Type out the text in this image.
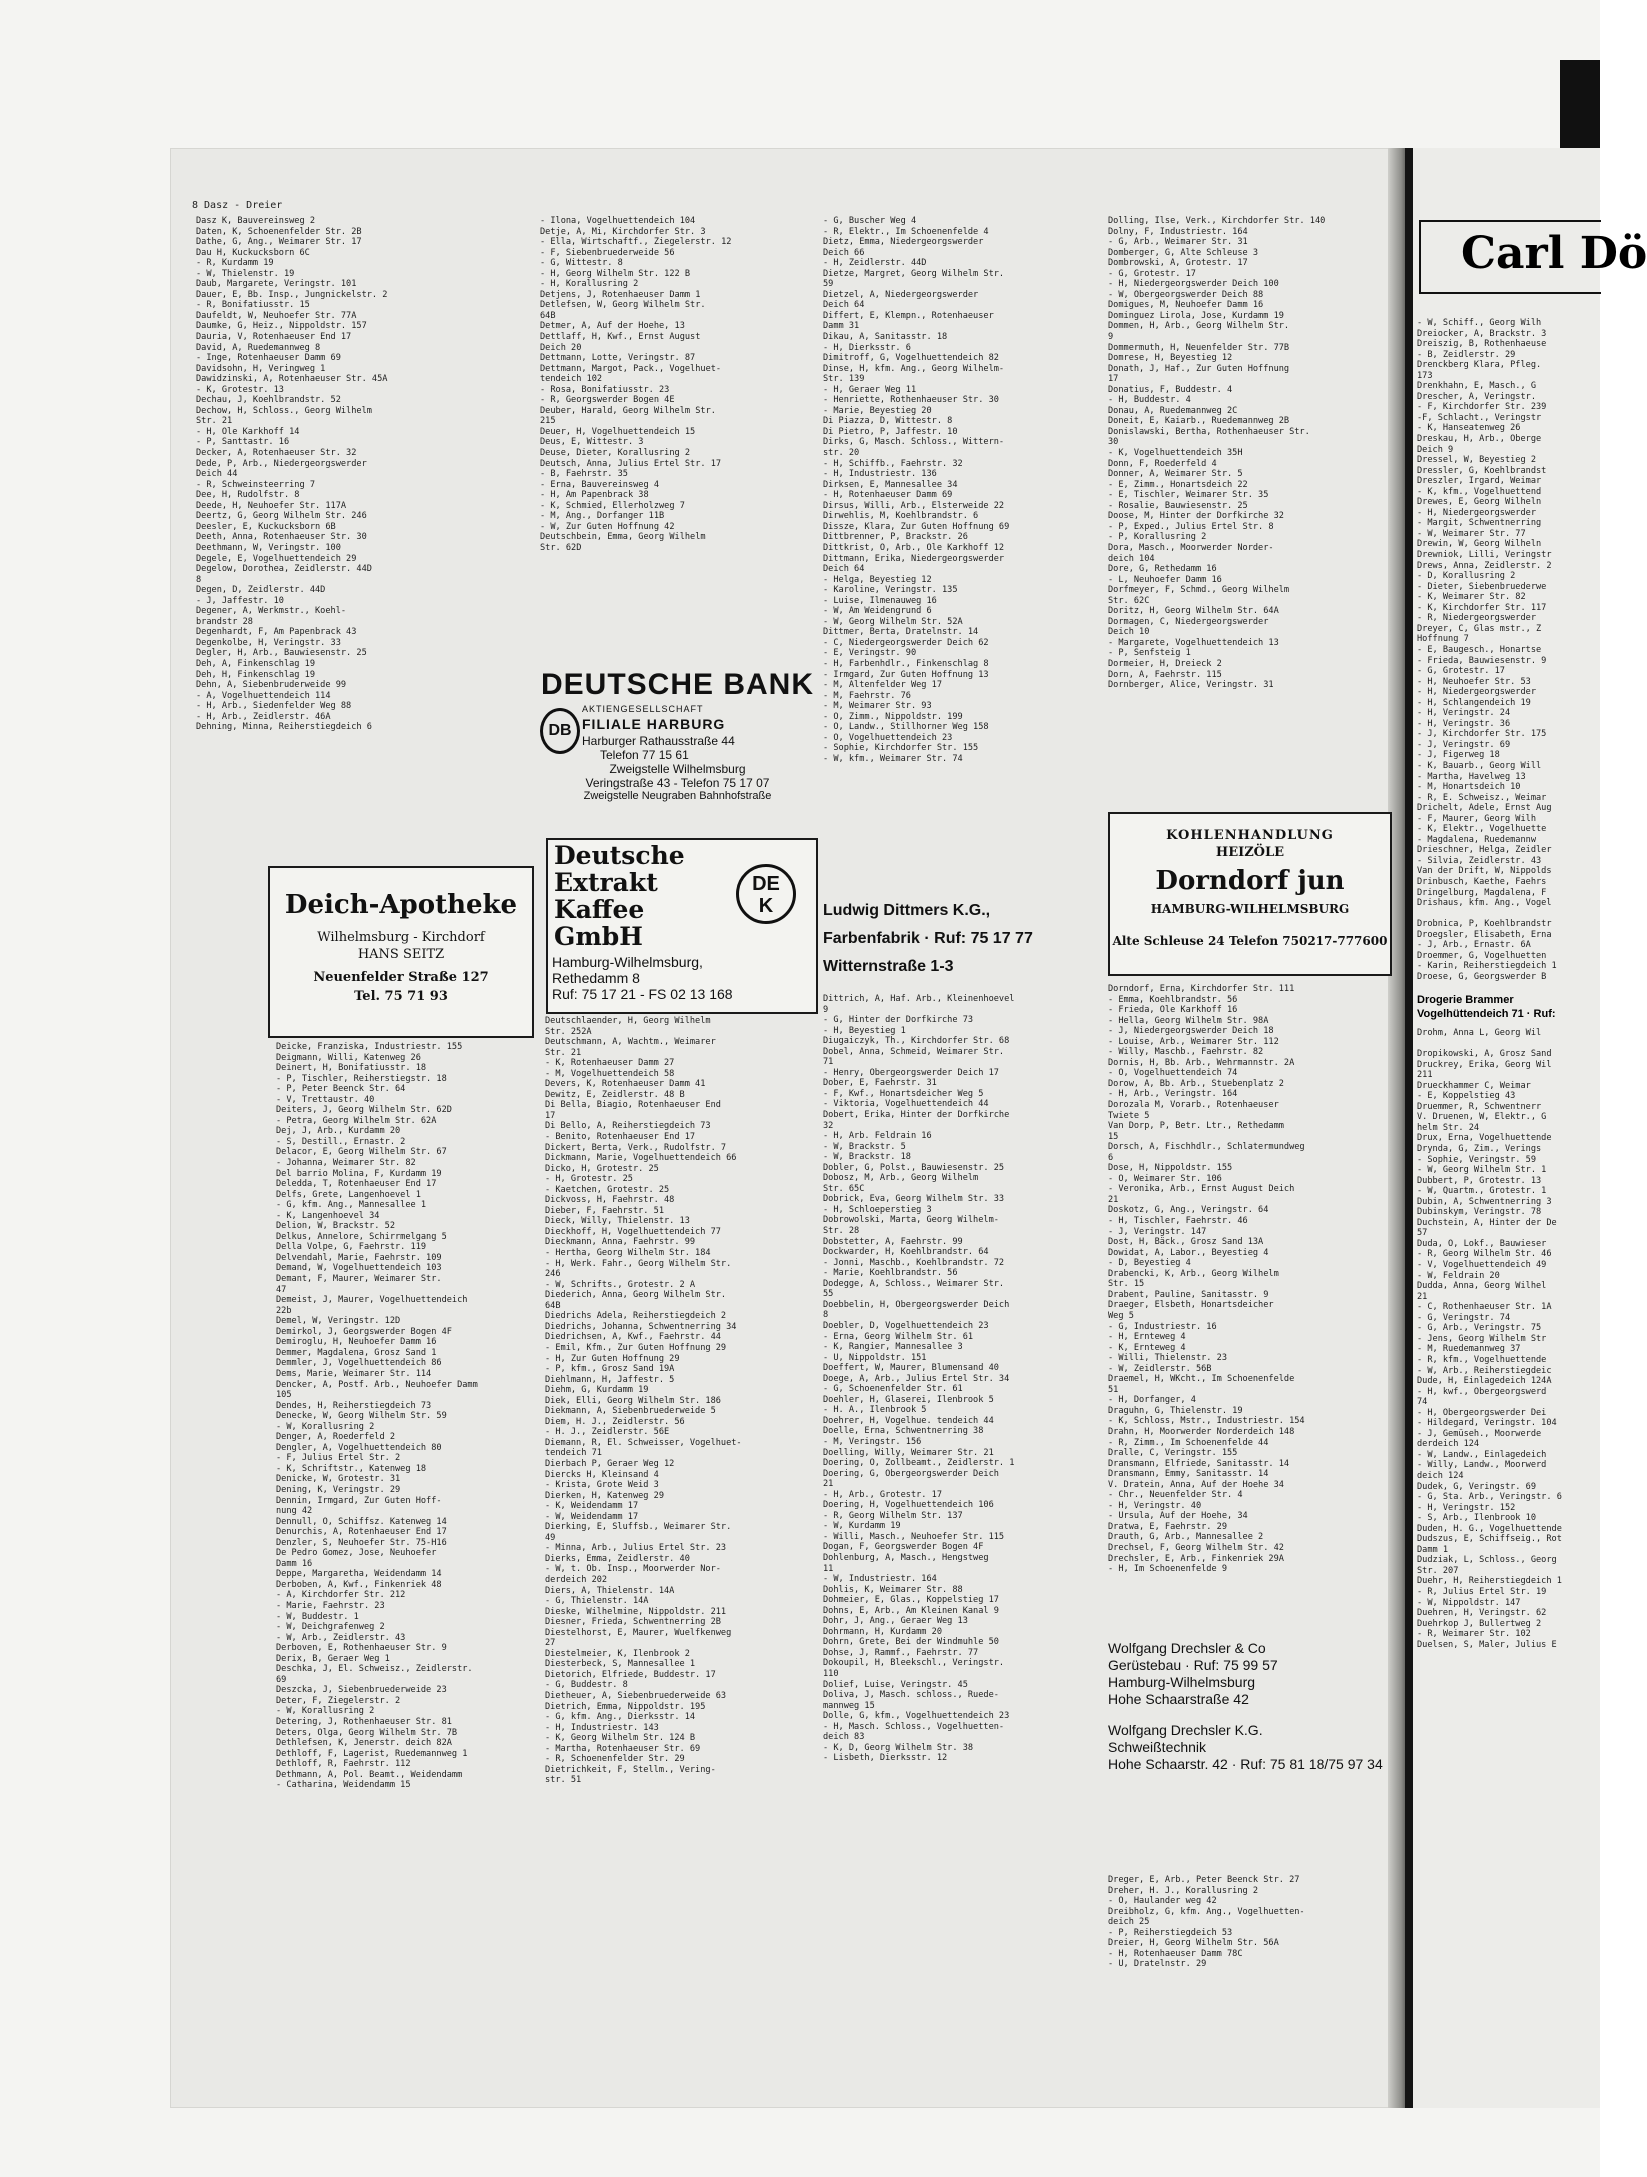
8 Dasz - Dreier
Dasz K, Bauvereinsweg 2
Daten, K, Schoenenfelder Str. 2B
Dathe, G, Ang., Weimarer Str. 17
Dau H, Kuckucksborn 6C
- R, Kurdamm 19
- W, Thielenstr. 19
Daub, Margarete, Veringstr. 101
Dauer, E, Bb. Insp., Jungnickelstr. 2
- R, Bonifatiusstr. 15
Daufeldt, W, Neuhoefer Str. 77A
Daumke, G, Heiz., Nippoldstr. 157
Dauria, V, Rotenhaeuser End 17
David, A, Ruedemannweg 8
- Inge, Rotenhaeuser Damm 69
Davidsohn, H, Veringweg 1
Dawidzinski, A, Rotenhaeuser Str. 45A
- K, Grotestr. 13
Dechau, J, Koehlbrandstr. 52
Dechow, H, Schloss., Georg Wilhelm
Str. 21
- H, Ole Karkhoff 14
- P, Santtastr. 16
Decker, A, Rotenhaeuser Str. 32
Dede, P, Arb., Niedergeorgswerder
Deich 44
- R, Schweinsteerring 7
Dee, H, Rudolfstr. 8
Deede, H, Neuhoefer Str. 117A
Deertz, G, Georg Wilhelm Str. 246
Deesler, E, Kuckucksborn 6B
Deeth, Anna, Rotenhaeuser Str. 30
Deethmann, W, Veringstr. 100
Degele, E, Vogelhuettendeich 29
Degelow, Dorothea, Zeidlerstr. 44D
8
Degen, D, Zeidlerstr. 44D
- J, Jaffestr. 10
Degener, A, Werkmstr., Koehl-
brandstr 28
Degenhardt, F, Am Papenbrack 43
Degenkolbe, H, Veringstr. 33
Degler, H, Arb., Bauwiesenstr. 25
Deh, A, Finkenschlag 19
Deh, H, Finkenschlag 19
Dehn, A, Siebenbruderweide 99
- A, Vogelhuettendeich 114
- H, Arb., Siedenfelder Weg 88
- H, Arb., Zeidlerstr. 46A
Dehning, Minna, Reiherstiegdeich 6
- Ilona, Vogelhuettendeich 104
Detje, A, Mi, Kirchdorfer Str. 3
- Ella, Wirtschaftf., Ziegelerstr. 12
- F, Siebenbruederweide 56
- G, Wittestr. 8
- H, Georg Wilhelm Str. 122 B
- H, Korallusring 2
Detjens, J, Rotenhaeuser Damm 1
Detlefsen, W, Georg Wilhelm Str.
64B
Detmer, A, Auf der Hoehe, 13
Dettlaff, H, Kwf., Ernst August
Deich 20
Dettmann, Lotte, Veringstr. 87
Dettmann, Margot, Pack., Vogelhuet-
tendeich 102
- Rosa, Bonifatiusstr. 23
- R, Georgswerder Bogen 4E
Deuber, Harald, Georg Wilhelm Str.
215
Deuer, H, Vogelhuettendeich 15
Deus, E, Wittestr. 3
Deuse, Dieter, Korallusring 2
Deutsch, Anna, Julius Ertel Str. 17
- B, Faehrstr. 35
- Erna, Bauvereinsweg 4
- H, Am Papenbrack 38
- K, Schmied, Ellerholzweg 7
- M, Ang., Dorfanger 11B
- W, Zur Guten Hoffnung 42
Deutschbein, Emma, Georg Wilhelm
Str. 62D
- G, Buscher Weg 4
- R, Elektr., Im Schoenenfelde 4
Dietz, Emma, Niedergeorgswerder
Deich 66
- H, Zeidlerstr. 44D
Dietze, Margret, Georg Wilhelm Str.
59
Dietzel, A, Niedergeorgswerder
Deich 64
Differt, E, Klempn., Rotenhaeuser
Damm 31
Dikau, A, Sanitasstr. 18
- H, Dierksstr. 6
Dimitroff, G, Vogelhuettendeich 82
Dinse, H, kfm. Ang., Georg Wilhelm-
Str. 139
- H, Geraer Weg 11
- Henriette, Rothenhaeuser Str. 30
- Marie, Beyestieg 20
Di Piazza, D, Wittestr. 8
Di Pietro, P, Jaffestr. 10
Dirks, G, Masch. Schloss., Wittern-
str. 20
- H, Schiffb., Faehrstr. 32
- H, Industriestr. 136
Dirksen, E, Mannesallee 34
- H, Rotenhaeuser Damm 69
Dirsus, Willi, Arb., Elsterweide 22
Dirwehlis, M, Koehlbrandstr. 6
Dissze, Klara, Zur Guten Hoffnung 69
Dittbrenner, P, Brackstr. 26
Dittkrist, O, Arb., Ole Karkhoff 12
Dittmann, Erika, Niedergeorgswerder
Deich 64
- Helga, Beyestieg 12
- Karoline, Veringstr. 135
- Luise, Ilmenauweg 16
- W, Am Weidengrund 6
- W, Georg Wilhelm Str. 52A
Dittmer, Berta, Dratelnstr. 14
- C, Niedergeorgswerder Deich 62
- E, Veringstr. 90
- H, Farbenhdlr., Finkenschlag 8
- Irmgard, Zur Guten Hoffnung 13
- M, Altenfelder Weg 17
- M, Faehrstr. 76
- M, Weimarer Str. 93
- O, Zimm., Nippoldstr. 199
- O, Landw., Stillhorner Weg 158
- O, Vogelhuettendeich 23
- Sophie, Kirchdorfer Str. 155
- W, kfm., Weimarer Str. 74
Dolling, Ilse, Verk., Kirchdorfer Str. 140
Dolny, F, Industriestr. 164
- G, Arb., Weimarer Str. 31
Domberger, G, Alte Schleuse 3
Dombrowski, A, Grotestr. 17
- G, Grotestr. 17
- H, Niedergeorgswerder Deich 100
- W, Obergeorgswerder Deich 88
Domigues, M, Neuhoefer Damm 16
Dominguez Lirola, Jose, Kurdamm 19
Dommen, H, Arb., Georg Wilhelm Str.
9
Dommermuth, H, Neuenfelder Str. 77B
Domrese, H, Beyestieg 12
Donath, J, Haf., Zur Guten Hoffnung
17
Donatius, F, Buddestr. 4
- H, Buddestr. 4
Donau, A, Ruedemannweg 2C
Doneit, E, Kaiarb., Ruedemannweg 2B
Donislawski, Bertha, Rothenhaeuser Str.
30
- K, Vogelhuettendeich 35H
Donn, F, Roederfeld 4
Donner, A, Weimarer Str. 5
- E, Zimm., Honartsdeich 22
- E, Tischler, Weimarer Str. 35
- Rosalie, Bauwiesenstr. 25
Doose, M, Hinter der Dorfkirche 32
- P, Exped., Julius Ertel Str. 8
- P, Korallusring 2
Dora, Masch., Moorwerder Norder-
deich 104
Dore, G, Rethedamm 16
- L, Neuhoefer Damm 16
Dorfmeyer, F, Schmd., Georg Wilhelm
Str. 62C
Doritz, H, Georg Wilhelm Str. 64A
Dormagen, C, Niedergeorgswerder
Deich 10
- Margarete, Vogelhuettendeich 13
- P, Senfsteig 1
Dormeier, H, Dreieck 2
Dorn, A, Faehrstr. 115
Dornberger, Alice, Veringstr. 31
Deicke, Franziska, Industriestr. 155
Deigmann, Willi, Katenweg 26
Deinert, H, Bonifatiusstr. 18
- P, Tischler, Reiherstiegstr. 18
- P, Peter Beenck Str. 64
- V, Trettaustr. 40
Deiters, J, Georg Wilhelm Str. 62D
- Petra, Georg Wilhelm Str. 62A
Dej, J, Arb., Kurdamm 20
- S, Destill., Ernastr. 2
Delacor, E, Georg Wilhelm Str. 67
- Johanna, Weimarer Str. 82
Del barrio Molina, F, Kurdamm 19
Deledda, T, Rotenhaeuser End 17
Delfs, Grete, Langenhoevel 1
- G, kfm. Ang., Mannesallee 1
- K, Langenhoevel 34
Delion, W, Brackstr. 52
Delkus, Annelore, Schirrmelgang 5
Della Volpe, G, Faehrstr. 119
Delvendahl, Marie, Faehrstr. 109
Demand, W, Vogelhuettendeich 103
Demant, F, Maurer, Weimarer Str.
47
Demeist, J, Maurer, Vogelhuettendeich
22b
Demel, W, Veringstr. 12D
Demirkol, J, Georgswerder Bogen 4F
Demiroglu, H, Neuhoefer Damm 16
Demmer, Magdalena, Grosz Sand 1
Demmler, J, Vogelhuettendeich 86
Dems, Marie, Weimarer Str. 114
Dencker, A, Postf. Arb., Neuhoefer Damm
105
Dendes, H, Reiherstiegdeich 73
Denecke, W, Georg Wilhelm Str. 59
- W, Korallusring 2
Denger, A, Roederfeld 2
Dengler, A, Vogelhuettendeich 80
- F, Julius Ertel Str. 2
- K, Schriftstr., Katenweg 18
Denicke, W, Grotestr. 31
Dening, K, Veringstr. 29
Dennin, Irmgard, Zur Guten Hoff-
nung 42
Dennull, O, Schiffsz. Katenweg 14
Denurchis, A, Rotenhaeuser End 17
Denzler, S, Neuhoefer Str. 75-H16
De Pedro Gomez, Jose, Neuhoefer
Damm 16
Deppe, Margaretha, Weidendamm 14
Derboben, A, Kwf., Finkenriek 48
- A, Kirchdorfer Str. 212
- Marie, Faehrstr. 23
- W, Buddestr. 1
- W, Deichgrafenweg 2
- W, Arb., Zeidlerstr. 43
Derboven, E, Rothenhaeuser Str. 9
Derix, B, Geraer Weg 1
Deschka, J, El. Schweisz., Zeidlerstr.
69
Deszcka, J, Siebenbruederweide 23
Deter, F, Ziegelerstr. 2
- W, Korallusring 2
Detering, J, Rothenhaeuser Str. 81
Deters, Olga, Georg Wilhelm Str. 7B
Dethlefsen, K, Jenerstr. deich 82A
Dethloff, F, Lagerist, Ruedemannweg 1
Dethloff, R, Faehrstr. 112
Dethmann, A, Pol. Beamt., Weidendamm
- Catharina, Weidendamm 15
Deutschlaender, H, Georg Wilhelm
Str. 252A
Deutschmann, A, Wachtm., Weimarer
Str. 21
- K, Rotenhaeuser Damm 27
- M, Vogelhuettendeich 58
Devers, K, Rotenhaeuser Damm 41
Dewitz, E, Zeidlerstr. 48 B
Di Bella, Biagio, Rotenhaeuser End
17
Di Bello, A, Reiherstiegdeich 73
- Benito, Rotenhaeuser End 17
Dickert, Berta, Verk., Rudolfstr. 7
Dickmann, Marie, Vogelhuettendeich 66
Dicko, H, Grotestr. 25
- H, Grotestr. 25
- Kaetchen, Grotestr. 25
Dickvoss, H, Faehrstr. 48
Dieber, F, Faehrstr. 51
Dieck, Willy, Thielenstr. 13
Dieckhoff, H, Vogelhuettendeich 77
Dieckmann, Anna, Faehrstr. 99
- Hertha, Georg Wilhelm Str. 184
- H, Werk. Fahr., Georg Wilhelm Str.
246
- W, Schrifts., Grotestr. 2 A
Diederich, Anna, Georg Wilhelm Str.
64B
Diedrichs Adela, Reiherstiegdeich 2
Diedrichs, Johanna, Schwentnerring 34
Diedrichsen, A, Kwf., Faehrstr. 44
- Emil, Kfm., Zur Guten Hoffnung 29
- H, Zur Guten Hoffnung 29
- P, kfm., Grosz Sand 19A
Diehlmann, H, Jaffestr. 5
Diehm, G, Kurdamm 19
Diek, Elli, Georg Wilhelm Str. 186
Diekmann, A, Siebenbruederweide 5
Diem, H. J., Zeidlerstr. 56
- H. J., Zeidlerstr. 56E
Diemann, R, El. Schweisser, Vogelhuet-
tendeich 71
Dierbach P, Geraer Weg 12
Diercks H, Kleinsand 4
- Krista, Grote Weid 3
Dierken, H, Katenweg 29
- K, Weidendamm 17
- W, Weidendamm 17
Dierking, E, Sluffsb., Weimarer Str.
49
- Minna, Arb., Julius Ertel Str. 23
Dierks, Emma, Zeidlerstr. 40
- W, t. Ob. Insp., Moorwerder Nor-
derdeich 202
Diers, A, Thielenstr. 14A
- G, Thielenstr. 14A
Dieske, Wilhelmine, Nippoldstr. 211
Diesner, Frieda, Schwentnerring 2B
Diestelhorst, E, Maurer, Wuelfkenweg
27
Diestelmeier, K, Ilenbrook 2
Diesterbeck, S, Mannesallee 1
Dietorich, Elfriede, Buddestr. 17
- G, Buddestr. 8
Dietheuer, A, Siebenbruederweide 63
Dietrich, Emma, Nippoldstr. 195
- G, kfm. Ang., Dierksstr. 14
- H, Industriestr. 143
- K, Georg Wilhelm Str. 124 B
- Martha, Rotenhaeuser Str. 69
- R, Schoenenfelder Str. 29
Dietrichkeit, F, Stellm., Vering-
str. 51
Dittrich, A, Haf. Arb., Kleinenhoevel
9
- G, Hinter der Dorfkirche 73
- H, Beyestieg 1
Diugaiczyk, Th., Kirchdorfer Str. 68
Dobel, Anna, Schmeid, Weimarer Str.
71
- Henry, Obergeorgswerder Deich 17
Dober, E, Faehrstr. 31
- F, Kwf., Honartsdeicher Weg 5
- Viktoria, Vogelhuettendeich 44
Dobert, Erika, Hinter der Dorfkirche
32
- H, Arb. Feldrain 16
- W, Brackstr. 5
- W, Brackstr. 18
Dobler, G, Polst., Bauwiesenstr. 25
Dobosz, M, Arb., Georg Wilhelm
Str. 65C
Dobrick, Eva, Georg Wilhelm Str. 33
- H, Schloeperstieg 3
Dobrowolski, Marta, Georg Wilhelm-
Str. 28
Dobstetter, A, Faehrstr. 99
Dockwarder, H, Koehlbrandstr. 64
- Jonni, Maschb., Koehlbrandstr. 72
- Marie, Koehlbrandstr. 56
Dodegge, A, Schloss., Weimarer Str.
55
Doebbelin, H, Obergeorgswerder Deich
8
Doebler, D, Vogelhuettendeich 23
- Erna, Georg Wilhelm Str. 61
- K, Rangier, Mannesallee 3
- U, Nippoldstr. 151
Doeffert, W, Maurer, Blumensand 40
Doege, A, Arb., Julius Ertel Str. 34
- G, Schoenenfelder Str. 61
Doehler, H, Glaserei, Ilenbrook 5
- H. A., Ilenbrook 5
Doehrer, H, Vogelhue. tendeich 44
Doelle, Erna, Schwentnerring 38
- M, Veringstr. 156
Doelling, Willy, Weimarer Str. 21
Doering, O, Zollbeamt., Zeidlerstr. 1
Doering, G, Obergeorgswerder Deich
21
- H, Arb., Grotestr. 17
Doering, H, Vogelhuettendeich 106
- R, Georg Wilhelm Str. 137
- W, Kurdamm 19
- Willi, Masch., Neuhoefer Str. 115
Dogan, F, Georgswerder Bogen 4F
Dohlenburg, A, Masch., Hengstweg
11
- W, Industriestr. 164
Dohlis, K, Weimarer Str. 88
Dohmeier, E, Glas., Koppelstieg 17
Dohns, E, Arb., Am Kleinen Kanal 9
Dohr, J, Ang., Geraer Weg 13
Dohrmann, H, Kurdamm 20
Dohrn, Grete, Bei der Windmuhle 50
Dohse, J, Rammf., Faehrstr. 77
Dokoupil, H, Bleekschl., Veringstr.
110
Dolief, Luise, Veringstr. 45
Doliva, J, Masch. schloss., Ruede-
mannweg 15
Dolle, G, kfm., Vogelhuettendeich 23
- H, Masch. Schloss., Vogelhuetten-
deich 83
- K, D, Georg Wilhelm Str. 38
- Lisbeth, Dierksstr. 12
Dorndorf, Erna, Kirchdorfer Str. 111
- Emma, Koehlbrandstr. 56
- Frieda, Ole Karkhoff 16
- Hella, Georg Wilhelm Str. 98A
- J, Niedergeorgswerder Deich 18
- Louise, Arb., Weimarer Str. 112
- Willy, Maschb., Faehrstr. 82
Dornis, H, Bb. Arb., Wehrmannstr. 2A
- O, Vogelhuettendeich 74
Dorow, A, Bb. Arb., Stuebenplatz 2
- H, Arb., Veringstr. 164
Dorozala M, Vorarb., Rotenhaeuser
Twiete 5
Van Dorp, P, Betr. Ltr., Rethedamm
15
Dorsch, A, Fischhdlr., Schlatermundweg
6
Dose, H, Nippoldstr. 155
- O, Weimarer Str. 106
- Veronika, Arb., Ernst August Deich
21
Doskotz, G, Ang., Veringstr. 64
- H, Tischler, Faehrstr. 46
- J, Veringstr. 147
Dost, H, Bäck., Grosz Sand 13A
Dowidat, A, Labor., Beyestieg 4
- D, Beyestieg 4
Drabencki, K, Arb., Georg Wilhelm
Str. 15
Drabent, Pauline, Sanitasstr. 9
Draeger, Elsbeth, Honartsdeicher
Weg 5
- G, Industriestr. 16
- H, Ernteweg 4
- K, Ernteweg 4
- Willi, Thielenstr. 23
- W, Zeidlerstr. 56B
Draemel, H, WKcht., Im Schoenenfelde
51
- H, Dorfanger, 4
Draguhn, G, Thielenstr. 19
- K, Schloss, Mstr., Industriestr. 154
Drahn, H, Moorwerder Norderdeich 148
- R, Zimm., Im Schoenenfelde 44
Dralle, C, Veringstr. 155
Dransmann, Elfriede, Sanitasstr. 14
Dransmann, Emmy, Sanitasstr. 14
V. Dratein, Anna, Auf der Hoehe 34
- Chr., Neuenfelder Str. 4
- H, Veringstr. 40
- Ursula, Auf der Hoehe, 34
Dratwa, E, Faehrstr. 29
Drauth, G, Arb., Mannesallee 2
Drechsel, F, Georg Wilhelm Str. 42
Drechsler, E, Arb., Finkenriek 29A
- H, Im Schoenenfelde 9
Dreger, E, Arb., Peter Beenck Str. 27
Dreher, H. J., Korallusring 2
- O, Haulander weg 42
Dreibholz, G, kfm. Ang., Vogelhuetten-
deich 25
- P, Reiherstiegdeich 53
Dreier, H, Georg Wilhelm Str. 56A
- H, Rotenhaeuser Damm 78C
- U, Dratelnstr. 29
DEUTSCHE BANK
DB
AKTIENGESELLSCHAFT
FILIALE HARBURG
Harburger Rathausstraße 44
Telefon 77 15 61
Zweigstelle Wilhelmsburg
Veringstraße 43 - Telefon 75 17 07
Zweigstelle Neugraben Bahnhofstraße
Deich-Apotheke
Wilhelmsburg - Kirchdorf
HANS SEITZ
Neuenfelder Straße 127
Tel. 75 71 93
Deutsche
Extrakt
Kaffee
GmbH
DE
K
Hamburg-Wilhelmsburg,
Rethedamm 8
Ruf: 75 17 21 - FS 02 13 168
Ludwig Dittmers K.G.,
Farbenfabrik · Ruf: 75 17 77
Witternstraße 1-3
KOHLENHANDLUNG
HEIZÖLE
Dorndorf jun
HAMBURG-WILHELMSBURG
Alte Schleuse 24 Telefon 750217-777600
Wolfgang Drechsler & Co
Gerüstebau · Ruf: 75 99 57
Hamburg-Wilhelmsburg
Hohe Schaarstraße 42
Wolfgang Drechsler K.G.
Schweißtechnik
Hohe Schaarstr. 42 · Ruf: 75 81 18/75 97 34
Carl Dö
- W, Schiff., Georg Wilh
Dreiocker, A, Brackstr. 3
Dreiszig, B, Rothenhaeuse
- B, Zeidlerstr. 29
Drenckberg Klara, Pfleg.
173
Drenkhahn, E, Masch., G
Drescher, A, Veringstr.
- F, Kirchdorfer Str. 239
-F, Schlacht., Veringstr
- K, Hanseatenweg 26
Dreskau, H, Arb., Oberge
Deich 9
Dressel, W, Beyestieg 2
Dressler, G, Koehlbrandst
Dreszler, Irgard, Weimar
- K, kfm., Vogelhuettend
Drewes, E, Georg Wilheln
- H, Niedergeorgswerder
- Margit, Schwentnerring
- W, Weimarer Str. 77
Drewin, W, Georg Wilheln
Drewniok, Lilli, Veringstr
Drews, Anna, Zeidlerstr. 2
- D, Korallusring 2
- Dieter, Siebenbruederwe
- K, Weimarer Str. 82
- K, Kirchdorfer Str. 117
- R, Niedergeorgswerder
Dreyer, C, Glas mstr., Z
Hoffnung 7
- E, Baugesch., Honartse
- Frieda, Bauwiesenstr. 9
- G, Grotestr. 17
- H, Neuhoefer Str. 53
- H, Niedergeorgswerder
- H, Schlangendeich 19
- H, Veringstr. 24
- H, Veringstr. 36
- J, Kirchdorfer Str. 175
- J, Veringstr. 69
- J, Figerweg 18
- K, Bauarb., Georg Will
- Martha, Havelweg 13
- M, Honartsdeich 10
- R, E. Schweisz., Weimar
Drichelt, Adele, Ernst Aug
- F, Maurer, Georg Wilh
- K, Elektr., Vogelhuette
- Magdalena, Ruedemannw
Drieschner, Helga, Zeidler
- Silvia, Zeidlerstr. 43
Van der Drift, W, Nippolds
Drinbusch, Kaethe, Faehrs
Dringelburg, Magdalena, F
Drishaus, kfm. Ang., Vogel

Drobnica, P, Koehlbrandstr
Droegsler, Elisabeth, Erna
- J, Arb., Ernastr. 6A
Droemmer, G, Vogelhuetten
- Karin, Reiherstiegdeich 1
Droese, G, Georgswerder B
Drogerie Brammer
Vogelhüttendeich 71 · Ruf:
Drohm, Anna L, Georg Wil

Dropikowski, A, Grosz Sand
Druckrey, Erika, Georg Wil
211
Drueckhammer C, Weimar
- E, Koppelstieg 43
Druemmer, R, Schwentnerr
V. Druenen, W, Elektr., G
helm Str. 24
Drux, Erna, Vogelhuettende
Drynda, G, Zim., Verings
- Sophie, Veringstr. 59
- W, Georg Wilhelm Str. 1
Dubbert, P, Grotestr. 13
- W, Quartm., Grotestr. 1
Dubin, A, Schwentnerring 3
Dubinskym, Veringstr. 78
Duchstein, A, Hinter der De
57
Duda, O, Lokf., Bauwieser
- R, Georg Wilhelm Str. 46
- V, Vogelhuettendeich 49
- W, Feldrain 20
Dudda, Anna, Georg Wilhel
21
- C, Rothenhaeuser Str. 1A
- G, Veringstr. 74
- G, Arb., Veringstr. 75
- Jens, Georg Wilhelm Str
- M, Ruedemannweg 37
- R, kfm., Vogelhuettende
- W, Arb., Reiherstiegdeic
Dude, H, Einlagedeich 124A
- H, kwf., Obergeorgswerd
74
- H, Obergeorgswerder Dei
- Hildegard, Veringstr. 104
- J, Gemüseh., Moorwerde
derdeich 124
- W, Landw., Einlagedeich
- Willy, Landw., Moorwerd
deich 124
Dudek, G, Veringstr. 69
- G, Sta. Arb., Veringstr. 6
- H, Veringstr. 152
- S, Arb., Ilenbrook 10
Duden, H. G., Vogelhuettende
Dudszus, E, Schiffseig., Rot
Damm 1
Dudziak, L, Schloss., Georg
Str. 207
Duehr, H, Reiherstiegdeich 1
- R, Julius Ertel Str. 19
- W, Nippoldstr. 147
Duehren, H, Veringstr. 62
Duehrkop J, Bullertweg 2
- R, Weimarer Str. 102
Duelsen, S, Maler, Julius E
